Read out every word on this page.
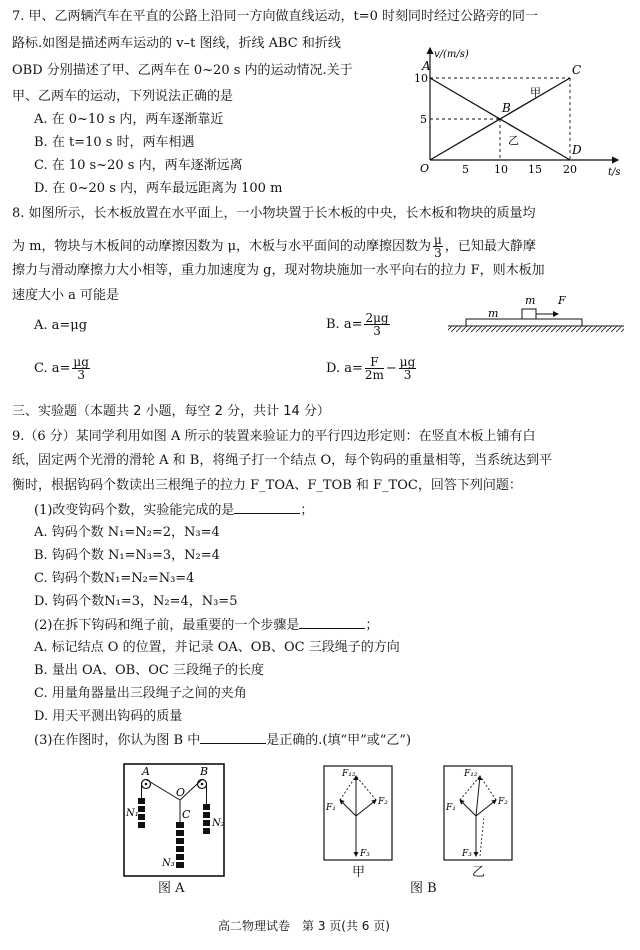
7. 甲、乙两辆汽车在平直的公路上沿同一方向做直线运动，t=0 时刻同时经过公路旁的同一
路标.如图是描述两车运动的 v–t 图线，折线 ABC 和折线
OBD 分别描述了甲、乙两车在 0~20 s 内的运动情况.关于
甲、乙两车的运动，下列说法正确的是
A. 在 0~10 s 内，两车逐渐靠近
B. 在 t=10 s 时，两车相遇
C. 在 10 s~20 s 内，两车逐渐远离
D. 在 0~20 s 内，两车最远距离为 100 m
v/(m/s)
t/s
O
10
5
5 10 15 20
A
B
C
D
甲
乙
8. 如图所示，长木板放置在水平面上，一小物块置于长木板的中央，长木板和物块的质量均
为 m，物块与木板间的动摩擦因数为 μ，木板与水平面间的动摩擦因数为 $\frac{\mu}{3}$ ，已知最大静摩
擦力与滑动摩擦力大小相等，重力加速度为 g，现对物块施加一水平向右的拉力 F，则木板加
速度大小 a 可能是
A. a=μg	B. $a= \frac{2\mu g}{3}$
C. $a= \frac{\mu g}{3}$	D. $a= \frac{F}{2m} - \frac{\mu g}{3}$
m
m F
三、实验题（本题共 2 小题，每空 2 分，共计 14 分）
9.（6 分）某同学利用如图 A 所示的装置来验证力的平行四边形定则：在竖直木板上铺有白
纸，固定两个光滑的滑轮 A 和 B，将绳子打一个结点 O，每个钩码的重量相等，当系统达到平
衡时，根据钩码个数读出三根绳子的拉力 F_TOA、F_TOB 和 F_TOC，回答下列问题：
(1)改变钩码个数，实验能完成的是	；
A. 钩码个数 N₁=N₂=2，N₃=4
B. 钩码个数 N₁=N₃=3，N₂=4
C. 钩码个数N₁=N₂=N₃=4
D. 钩码个数N₁=3，N₂=4，N₃=5
(2)在拆下钩码和绳子前，最重要的一个步骤是	；
A. 标记结点 O 的位置，并记录 OA、OB、OC 三段绳子的方向
B. 量出 OA、OB、OC 三段绳子的长度
C. 用量角器量出三段绳子之间的夹角
D. 用天平测出钩码的质量
(3)在作图时，你认为图 B 中	是正确的.(填“甲”或“乙”)
A	B
O
C
N₁
N₂
N₃
图 A
F₁₂
F₁
F₂
F₃
甲
F₁₂
F₁
F₂
F₃
乙
图 B
高二物理试卷　第 3 页(共 6 页)
